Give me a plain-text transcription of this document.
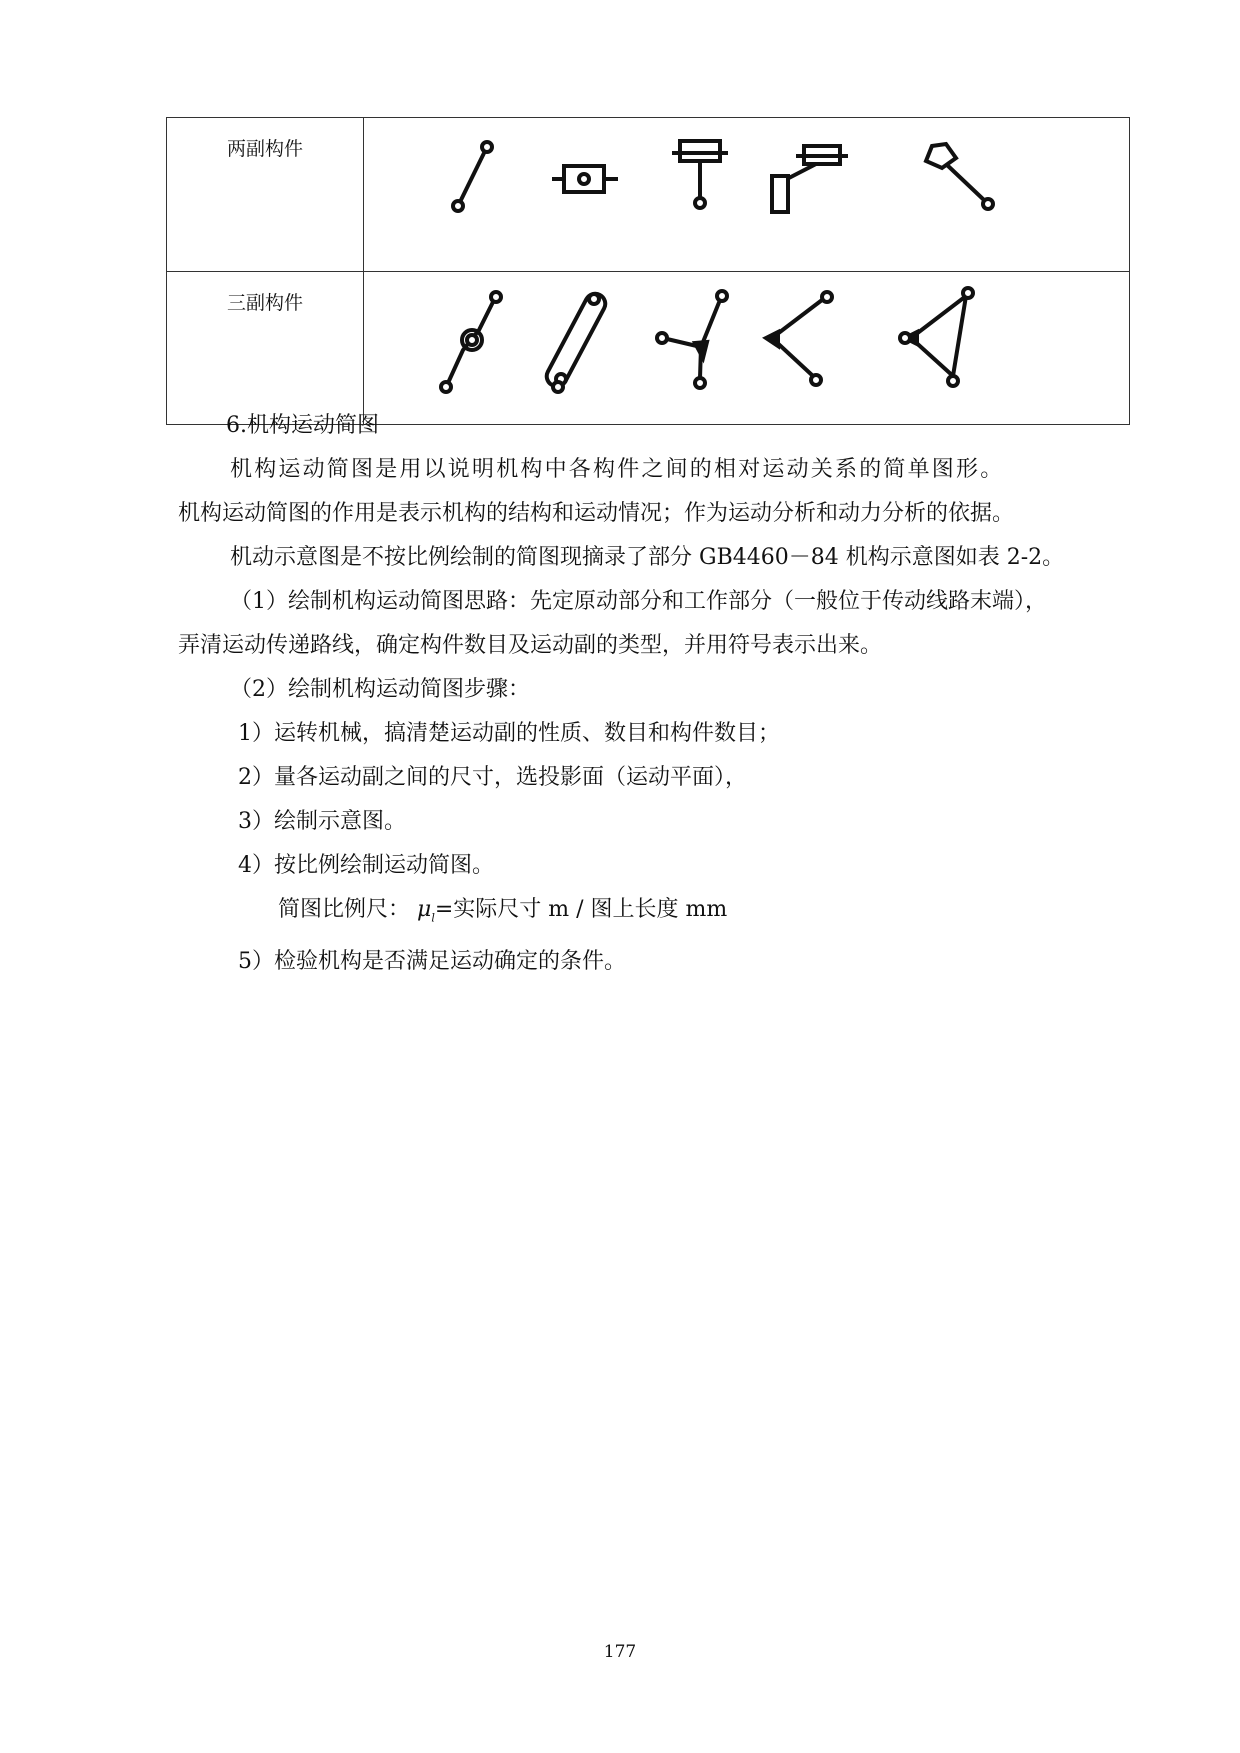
两副构件	

三副构件	

6.机构运动简图

机构运动简图是用以说明机构中各构件之间的相对运动关系的简单图形。

机构运动简图的作用是表示机构的结构和运动情况；作为运动分析和动力分析的依据。

机动示意图是不按比例绘制的简图现摘录了部分 GB4460－84 机构示意图如表 2-2。

（1）绘制机构运动简图思路：先定原动部分和工作部分（一般位于传动线路末端），

弄清运动传递路线，确定构件数目及运动副的类型，并用符号表示出来。

（2）绘制机构运动简图步骤：

1）运转机械，搞清楚运动副的性质、数目和构件数目；

2）量各运动副之间的尺寸，选投影面（运动平面），

3）绘制示意图。

4）按比例绘制运动简图。

简图比例尺： $\mu_l=$实际尺寸 m / 图上长度 mm

5）检验机构是否满足运动确定的条件。

177
